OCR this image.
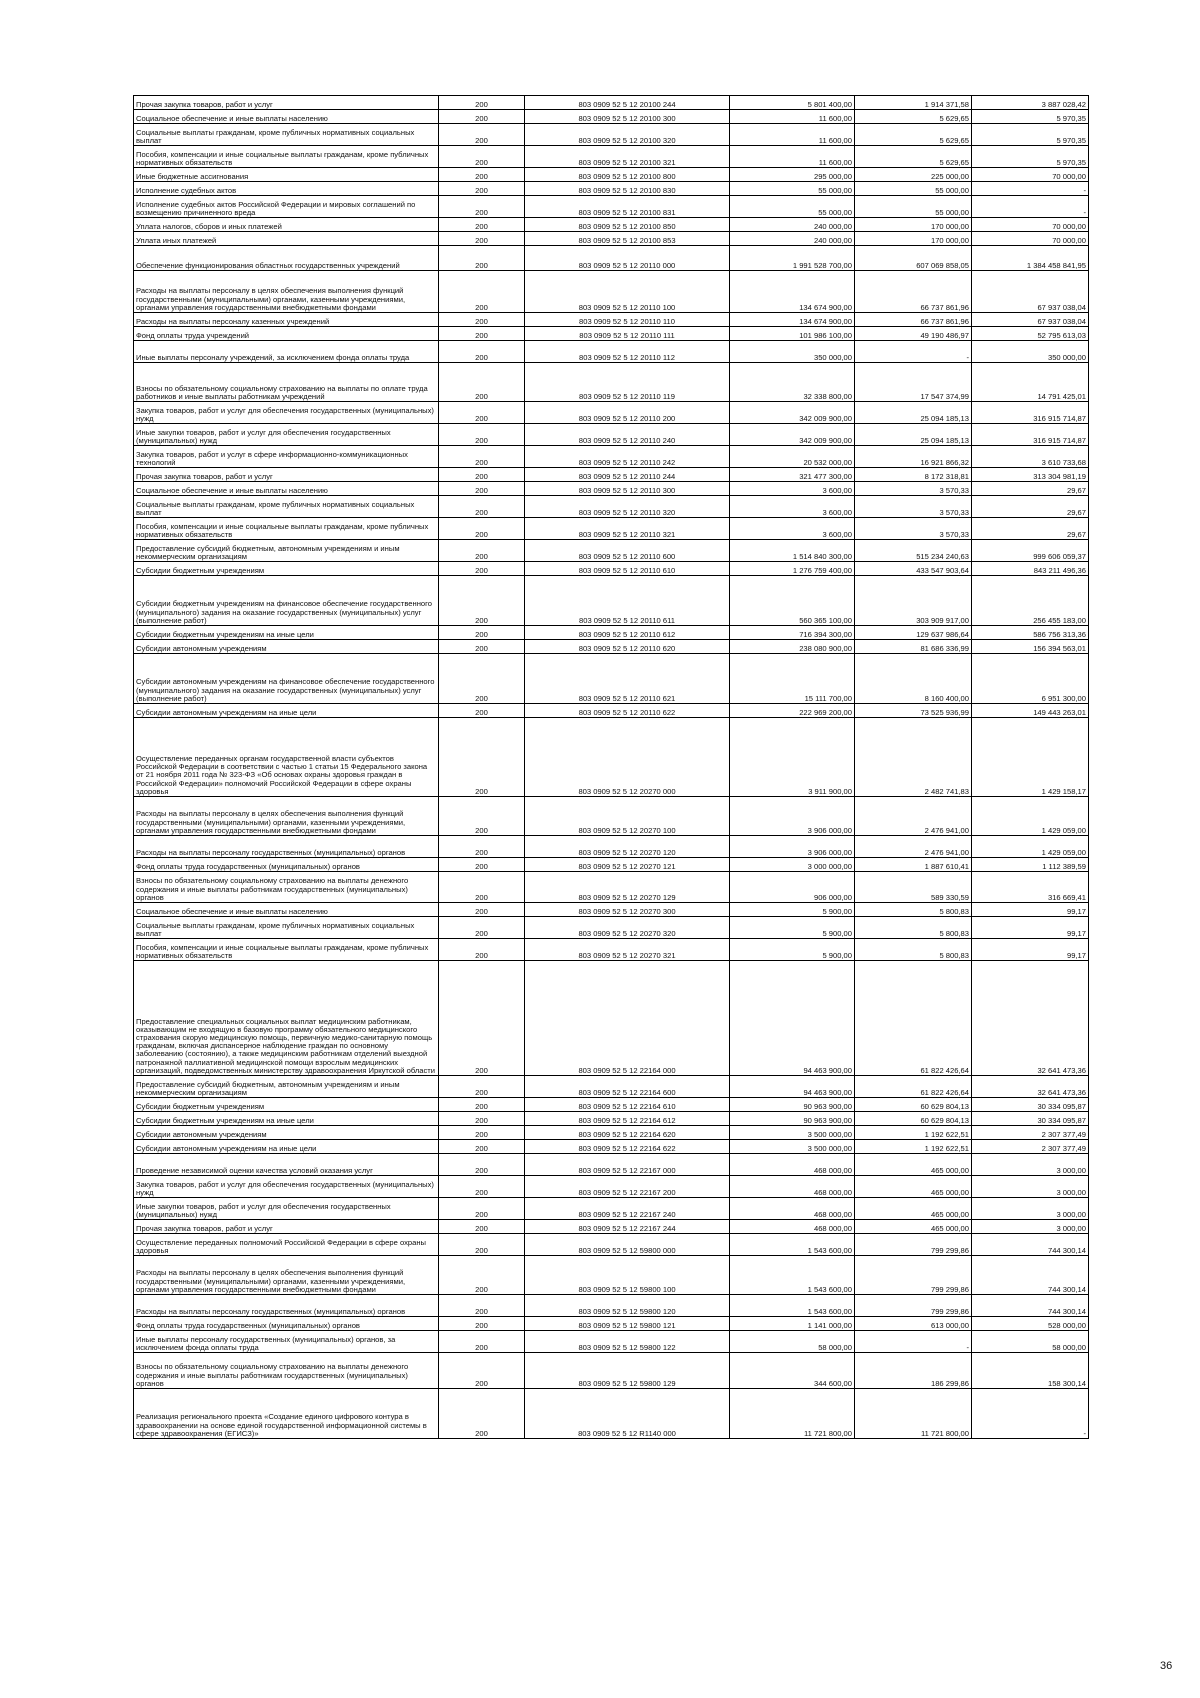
Прочая закупка товаров, работ и услуг	200	803 0909 52 5 12 20100 244	5 801 400,00	1 914 371,58	3 887 028,42
Социальное обеспечение и иные выплаты населению	200	803 0909 52 5 12 20100 300	11 600,00	5 629,65	5 970,35
Социальные выплаты гражданам, кроме публичных нормативных социальных выплат	200	803 0909 52 5 12 20100 320	11 600,00	5 629,65	5 970,35
Пособия, компенсации и иные социальные выплаты гражданам, кроме публичных нормативных обязательств	200	803 0909 52 5 12 20100 321	11 600,00	5 629,65	5 970,35
Иные бюджетные ассигнования	200	803 0909 52 5 12 20100 800	295 000,00	225 000,00	70 000,00
Исполнение судебных актов	200	803 0909 52 5 12 20100 830	55 000,00	55 000,00	-
Исполнение судебных актов Российской Федерации и мировых соглашений по возмещению причиненного вреда	200	803 0909 52 5 12 20100 831	55 000,00	55 000,00	-
Уплата налогов, сборов и иных платежей	200	803 0909 52 5 12 20100 850	240 000,00	170 000,00	70 000,00
Уплата иных платежей	200	803 0909 52 5 12 20100 853	240 000,00	170 000,00	70 000,00
Обеспечение функционирования областных государственных учреждений	200	803 0909 52 5 12 20110 000	1 991 528 700,00	607 069 858,05	1 384 458 841,95
Расходы на выплаты персоналу в целях обеспечения выполнения функций государственными (муниципальными) органами, казенными учреждениями, органами управления государственными внебюджетными фондами	200	803 0909 52 5 12 20110 100	134 674 900,00	66 737 861,96	67 937 038,04
Расходы на выплаты персоналу казенных учреждений	200	803 0909 52 5 12 20110 110	134 674 900,00	66 737 861,96	67 937 038,04
Фонд оплаты труда учреждений	200	803 0909 52 5 12 20110 111	101 986 100,00	49 190 486,97	52 795 613,03
Иные выплаты персоналу учреждений, за исключением фонда оплаты труда	200	803 0909 52 5 12 20110 112	350 000,00	-	350 000,00
Взносы по обязательному социальному страхованию на выплаты по оплате труда работников и иные выплаты работникам учреждений	200	803 0909 52 5 12 20110 119	32 338 800,00	17 547 374,99	14 791 425,01
Закупка товаров, работ и услуг для обеспечения государственных (муниципальных) нужд	200	803 0909 52 5 12 20110 200	342 009 900,00	25 094 185,13	316 915 714,87
Иные закупки товаров, работ и услуг для обеспечения государственных (муниципальных) нужд	200	803 0909 52 5 12 20110 240	342 009 900,00	25 094 185,13	316 915 714,87
Закупка товаров, работ и услуг в сфере информационно-коммуникационных технологий	200	803 0909 52 5 12 20110 242	20 532 000,00	16 921 866,32	3 610 733,68
Прочая закупка товаров, работ и услуг	200	803 0909 52 5 12 20110 244	321 477 300,00	8 172 318,81	313 304 981,19
Социальное обеспечение и иные выплаты населению	200	803 0909 52 5 12 20110 300	3 600,00	3 570,33	29,67
Социальные выплаты гражданам, кроме публичных нормативных социальных выплат	200	803 0909 52 5 12 20110 320	3 600,00	3 570,33	29,67
Пособия, компенсации и иные социальные выплаты гражданам, кроме публичных нормативных обязательств	200	803 0909 52 5 12 20110 321	3 600,00	3 570,33	29,67
Предоставление субсидий бюджетным, автономным учреждениям и иным некоммерческим организациям	200	803 0909 52 5 12 20110 600	1 514 840 300,00	515 234 240,63	999 606 059,37
Субсидии бюджетным учреждениям	200	803 0909 52 5 12 20110 610	1 276 759 400,00	433 547 903,64	843 211 496,36
Субсидии бюджетным учреждениям на финансовое обеспечение государственного (муниципального) задания на оказание государственных (муниципальных) услуг (выполнение работ)	200	803 0909 52 5 12 20110 611	560 365 100,00	303 909 917,00	256 455 183,00
Субсидии бюджетным учреждениям на иные цели	200	803 0909 52 5 12 20110 612	716 394 300,00	129 637 986,64	586 756 313,36
Субсидии автономным учреждениям	200	803 0909 52 5 12 20110 620	238 080 900,00	81 686 336,99	156 394 563,01
Субсидии автономным учреждениям на финансовое обеспечение государственного (муниципального) задания на оказание государственных (муниципальных) услуг (выполнение работ)	200	803 0909 52 5 12 20110 621	15 111 700,00	8 160 400,00	6 951 300,00
Субсидии автономным учреждениям на иные цели	200	803 0909 52 5 12 20110 622	222 969 200,00	73 525 936,99	149 443 263,01
Осуществление переданных органам государственной власти субъектов Российской Федерации в соответствии с частью 1 статьи 15 Федерального закона от 21 ноября 2011 года № 323-ФЗ «Об основах охраны здоровья граждан в Российской Федерации» полномочий Российской Федерации в сфере охраны здоровья	200	803 0909 52 5 12 20270 000	3 911 900,00	2 482 741,83	1 429 158,17
Расходы на выплаты персоналу в целях обеспечения выполнения функций государственными (муниципальными) органами, казенными учреждениями, органами управления государственными внебюджетными фондами	200	803 0909 52 5 12 20270 100	3 906 000,00	2 476 941,00	1 429 059,00
Расходы на выплаты персоналу государственных (муниципальных) органов	200	803 0909 52 5 12 20270 120	3 906 000,00	2 476 941,00	1 429 059,00
Фонд оплаты труда государственных (муниципальных) органов	200	803 0909 52 5 12 20270 121	3 000 000,00	1 887 610,41	1 112 389,59
Взносы по обязательному социальному страхованию на выплаты денежного содержания и иные выплаты работникам государственных (муниципальных) органов	200	803 0909 52 5 12 20270 129	906 000,00	589 330,59	316 669,41
Социальное обеспечение и иные выплаты населению	200	803 0909 52 5 12 20270 300	5 900,00	5 800,83	99,17
Социальные выплаты гражданам, кроме публичных нормативных социальных выплат	200	803 0909 52 5 12 20270 320	5 900,00	5 800,83	99,17
Пособия, компенсации и иные социальные выплаты гражданам, кроме публичных нормативных обязательств	200	803 0909 52 5 12 20270 321	5 900,00	5 800,83	99,17
Предоставление специальных социальных выплат медицинским работникам, оказывающим не входящую в базовую программу обязательного медицинского страхования скорую медицинскую помощь, первичную медико-санитарную помощь гражданам, включая диспансерное наблюдение граждан по основному заболеванию (состоянию), а также медицинским работникам отделений выездной патронажной паллиативной медицинской помощи взрослым медицинских организаций, подведомственных министерству здравоохранения Иркутской области	200	803 0909 52 5 12 22164 000	94 463 900,00	61 822 426,64	32 641 473,36
Предоставление субсидий бюджетным, автономным учреждениям и иным некоммерческим организациям	200	803 0909 52 5 12 22164 600	94 463 900,00	61 822 426,64	32 641 473,36
Субсидии бюджетным учреждениям	200	803 0909 52 5 12 22164 610	90 963 900,00	60 629 804,13	30 334 095,87
Субсидии бюджетным учреждениям на иные цели	200	803 0909 52 5 12 22164 612	90 963 900,00	60 629 804,13	30 334 095,87
Субсидии автономным учреждениям	200	803 0909 52 5 12 22164 620	3 500 000,00	1 192 622,51	2 307 377,49
Субсидии автономным учреждениям на иные цели	200	803 0909 52 5 12 22164 622	3 500 000,00	1 192 622,51	2 307 377,49
Проведение независимой оценки качества условий оказания услуг	200	803 0909 52 5 12 22167 000	468 000,00	465 000,00	3 000,00
Закупка товаров, работ и услуг для обеспечения государственных (муниципальных) нужд	200	803 0909 52 5 12 22167 200	468 000,00	465 000,00	3 000,00
Иные закупки товаров, работ и услуг для обеспечения государственных (муниципальных) нужд	200	803 0909 52 5 12 22167 240	468 000,00	465 000,00	3 000,00
Прочая закупка товаров, работ и услуг	200	803 0909 52 5 12 22167 244	468 000,00	465 000,00	3 000,00
Осуществление переданных полномочий Российской Федерации в сфере охраны здоровья	200	803 0909 52 5 12 59800 000	1 543 600,00	799 299,86	744 300,14
Расходы на выплаты персоналу в целях обеспечения выполнения функций государственными (муниципальными) органами, казенными учреждениями, органами управления государственными внебюджетными фондами	200	803 0909 52 5 12 59800 100	1 543 600,00	799 299,86	744 300,14
Расходы на выплаты персоналу государственных (муниципальных) органов	200	803 0909 52 5 12 59800 120	1 543 600,00	799 299,86	744 300,14
Фонд оплаты труда государственных (муниципальных) органов	200	803 0909 52 5 12 59800 121	1 141 000,00	613 000,00	528 000,00
Иные выплаты персоналу государственных (муниципальных) органов, за исключением фонда оплаты труда	200	803 0909 52 5 12 59800 122	58 000,00	-	58 000,00
Взносы по обязательному социальному страхованию на выплаты денежного содержания и иные выплаты работникам государственных (муниципальных) органов	200	803 0909 52 5 12 59800 129	344 600,00	186 299,86	158 300,14
Реализация регионального проекта «Создание единого цифрового контура в здравоохранении на основе единой государственной информационной системы в сфере здравоохранения (ЕГИСЗ)»	200	803 0909 52 5 12 R1140 000	11 721 800,00	11 721 800,00	-
36
